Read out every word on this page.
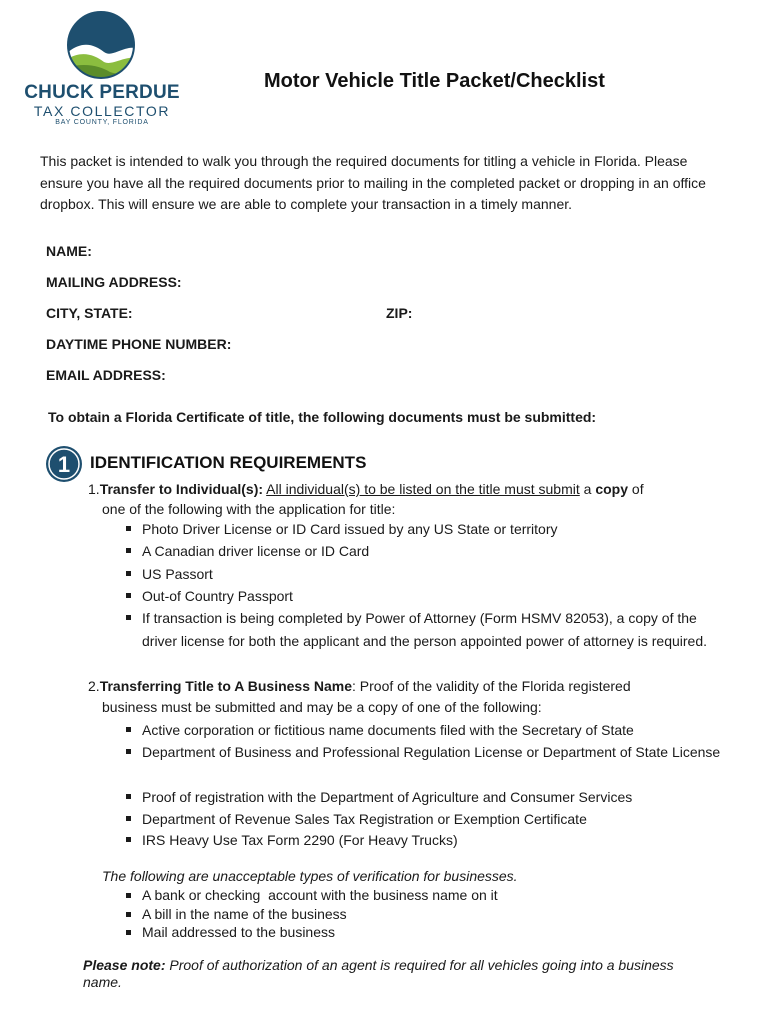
CHUCK PERDUE
TAX COLLECTOR
BAY COUNTY, FLORIDA
Motor Vehicle Title Packet/Checklist
This packet is intended to walk you through the required documents for titling a vehicle in Florida. Please ensure you have all the required documents prior to mailing in the completed packet or dropping in an office dropbox. This will ensure we are able to complete your transaction in a timely manner.
NAME:
MAILING ADDRESS:
CITY, STATE:	ZIP:
DAYTIME PHONE NUMBER:
EMAIL ADDRESS:
To obtain a Florida Certificate of title, the following documents must be submitted:
1 IDENTIFICATION REQUIREMENTS
1.Transfer to Individual(s): All individual(s) to be listed on the title must submit a copy of
one of the following with the application for title:
Photo Driver License or ID Card issued by any US State or territory
A Canadian driver license or ID Card
US Passort
Out-of Country Passport
If transaction is being completed by Power of Attorney (Form HSMV 82053), a copy of the driver license for both the applicant and the person appointed power of attorney is required.
2.Transferring Title to A Business Name: Proof of the validity of the Florida registered
business must be submitted and may be a copy of one of the following:
Active corporation or fictitious name documents filed with the Secretary of State
Department of Business and Professional Regulation License or Department of State License
Proof of registration with the Department of Agriculture and Consumer Services
Department of Revenue Sales Tax Registration or Exemption Certificate
IRS Heavy Use Tax Form 2290 (For Heavy Trucks)
The following are unacceptable types of verification for businesses.
A bank or checking  account with the business name on it
A bill in the name of the business
Mail addressed to the business
Please note: Proof of authorization of an agent is required for all vehicles going into a business name.
